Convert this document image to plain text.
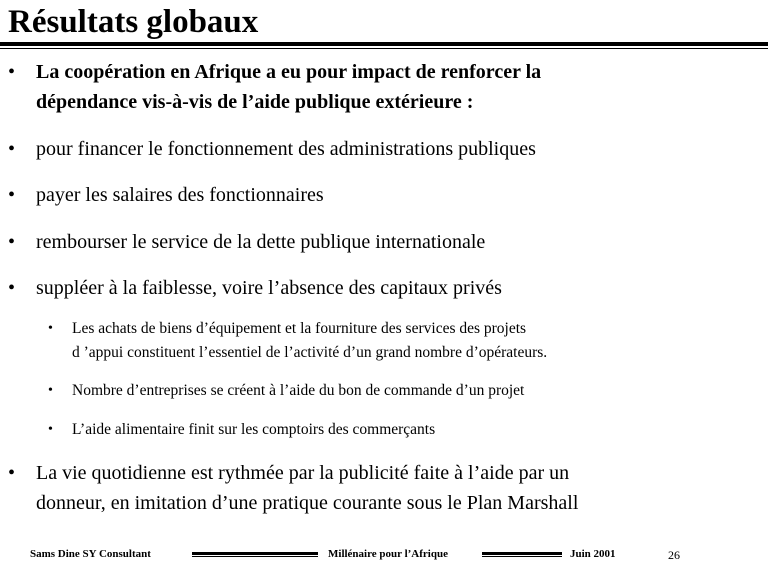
Résultats globaux
• La coopération en Afrique a eu pour impact de renforcer la
dépendance vis-à-vis de l’aide publique extérieure :
• pour financer le fonctionnement des administrations publiques
• payer les salaires des fonctionnaires
• rembourser le service de la dette publique internationale
• suppléer à la faiblesse, voire l’absence des capitaux privés
• Les achats de biens d’équipement et la fourniture des services des projets
d ’appui constituent l’essentiel de l’activité d’un grand nombre d’opérateurs.
• Nombre d’entreprises se créent à l’aide du bon de commande d’un projet
• L’aide alimentaire finit sur les comptoirs des commerçants
• La vie quotidienne est rythmée par la publicité faite à l’aide par un
donneur, en imitation d’une pratique courante sous le Plan Marshall
Sams Dine SY Consultant	Millénaire pour l’Afrique	Juin 2001	26
